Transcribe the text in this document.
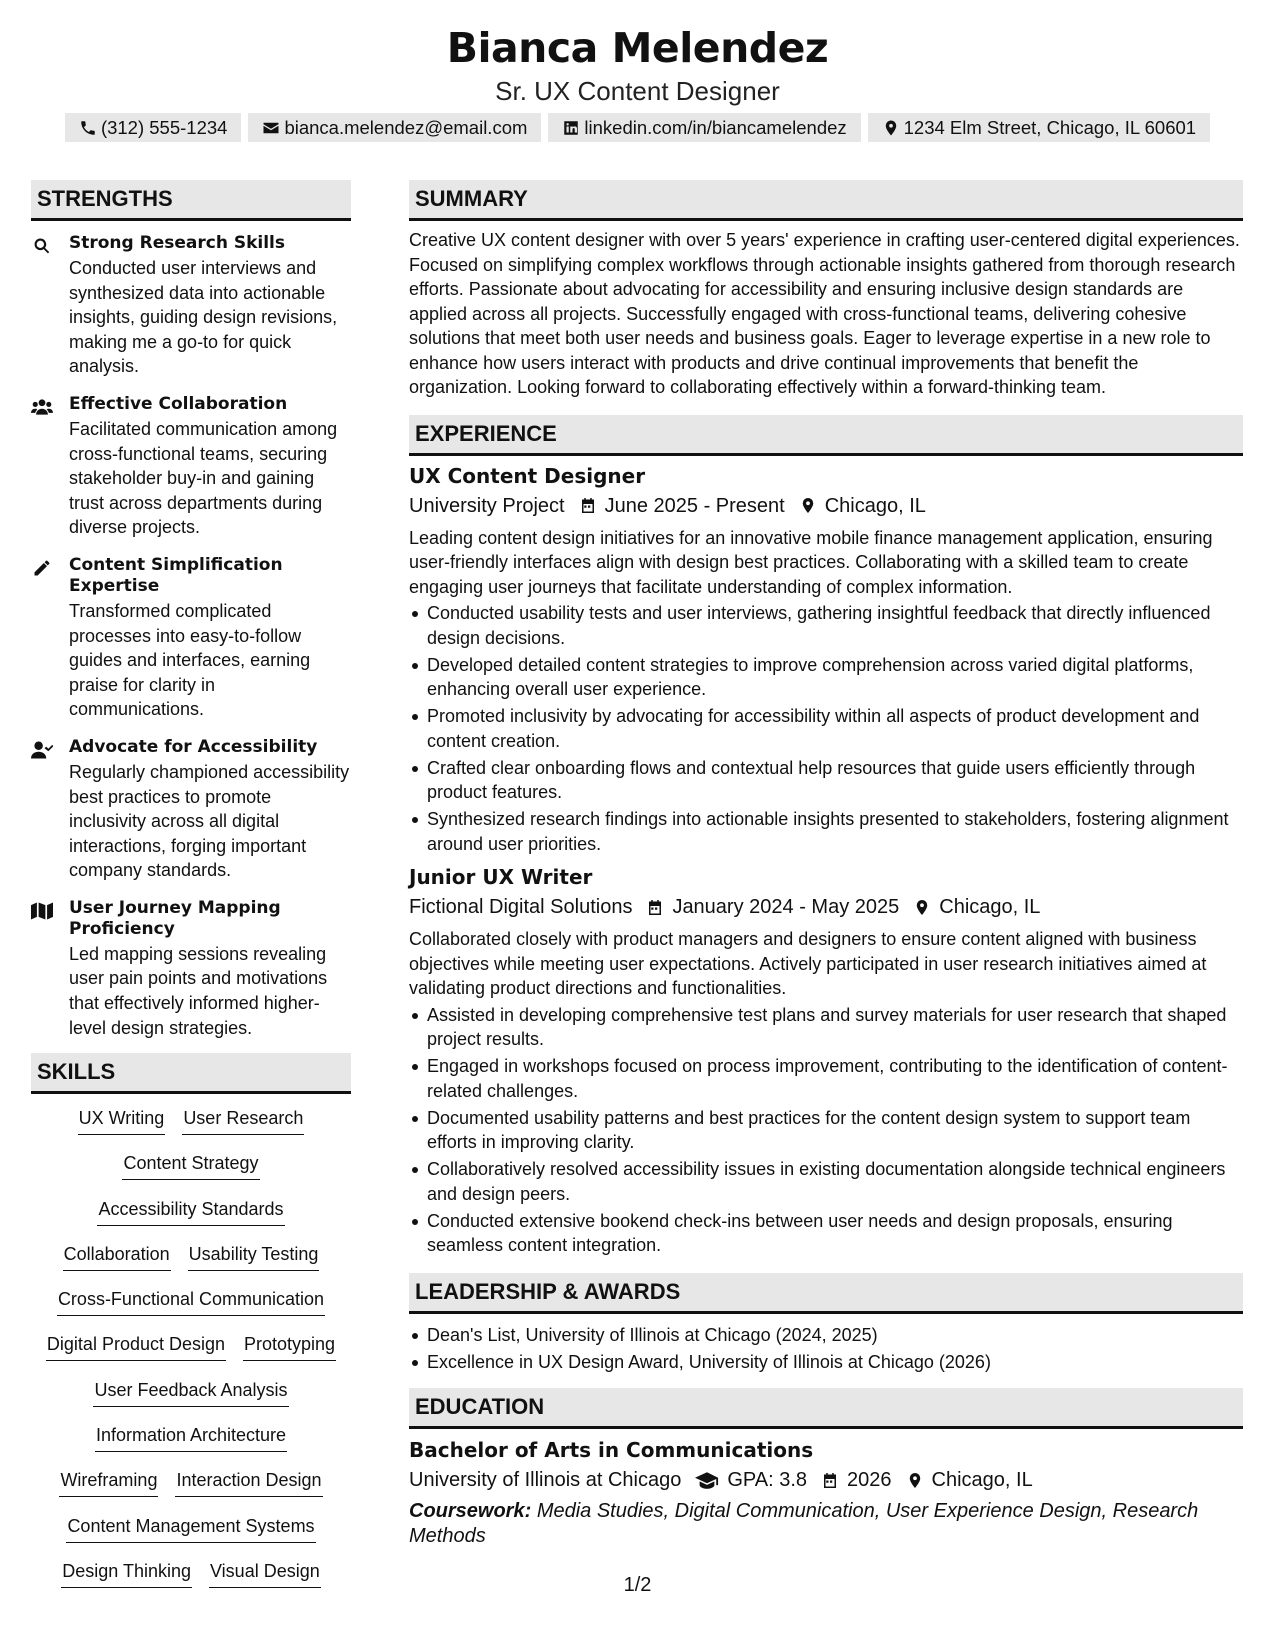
Bianca Melendez
Sr. UX Content Designer
(312) 555-1234	bianca.melendez@email.com	linkedin.com/in/biancamelendez	1234 Elm Street, Chicago, IL 60601
STRENGTHS
Strong Research Skills
Conducted user interviews and synthesized data into actionable insights, guiding design revisions, making me a go-to for quick analysis.
Effective Collaboration
Facilitated communication among cross-functional teams, securing stakeholder buy-in and gaining trust across departments during diverse projects.
Content Simplification Expertise
Transformed complicated processes into easy-to-follow guides and interfaces, earning praise for clarity in communications.
Advocate for Accessibility
Regularly championed accessibility best practices to promote inclusivity across all digital interactions, forging important company standards.
User Journey Mapping Proficiency
Led mapping sessions revealing user pain points and motivations that effectively informed higher-level design strategies.
SKILLS
UX Writing User Research
Content Strategy
Accessibility Standards
Collaboration Usability Testing
Cross-Functional Communication
Digital Product Design Prototyping
User Feedback Analysis
Information Architecture
Wireframing Interaction Design
Content Management Systems
Design Thinking Visual Design
SUMMARY
Creative UX content designer with over 5 years' experience in crafting user-centered digital experiences. Focused on simplifying complex workflows through actionable insights gathered from thorough research efforts. Passionate about advocating for accessibility and ensuring inclusive design standards are applied across all projects. Successfully engaged with cross-functional teams, delivering cohesive solutions that meet both user needs and business goals. Eager to leverage expertise in a new role to enhance how users interact with products and drive continual improvements that benefit the organization. Looking forward to collaborating effectively within a forward-thinking team.
EXPERIENCE
UX Content Designer
University Project June 2025 - Present Chicago, IL
Leading content design initiatives for an innovative mobile finance management application, ensuring user-friendly interfaces align with design best practices. Collaborating with a skilled team to create engaging user journeys that facilitate understanding of complex information.
Conducted usability tests and user interviews, gathering insightful feedback that directly influenced design decisions.
Developed detailed content strategies to improve comprehension across varied digital platforms, enhancing overall user experience.
Promoted inclusivity by advocating for accessibility within all aspects of product development and content creation.
Crafted clear onboarding flows and contextual help resources that guide users efficiently through product features.
Synthesized research findings into actionable insights presented to stakeholders, fostering alignment around user priorities.
Junior UX Writer
Fictional Digital Solutions January 2024 - May 2025 Chicago, IL
Collaborated closely with product managers and designers to ensure content aligned with business objectives while meeting user expectations. Actively participated in user research initiatives aimed at validating product directions and functionalities.
Assisted in developing comprehensive test plans and survey materials for user research that shaped project results.
Engaged in workshops focused on process improvement, contributing to the identification of content-related challenges.
Documented usability patterns and best practices for the content design system to support team efforts in improving clarity.
Collaboratively resolved accessibility issues in existing documentation alongside technical engineers and design peers.
Conducted extensive bookend check-ins between user needs and design proposals, ensuring seamless content integration.
LEADERSHIP & AWARDS
Dean's List, University of Illinois at Chicago (2024, 2025)
Excellence in UX Design Award, University of Illinois at Chicago (2026)
EDUCATION
Bachelor of Arts in Communications
University of Illinois at Chicago GPA: 3.8 2026 Chicago, IL
Coursework: Media Studies, Digital Communication, User Experience Design, Research Methods
1/2
